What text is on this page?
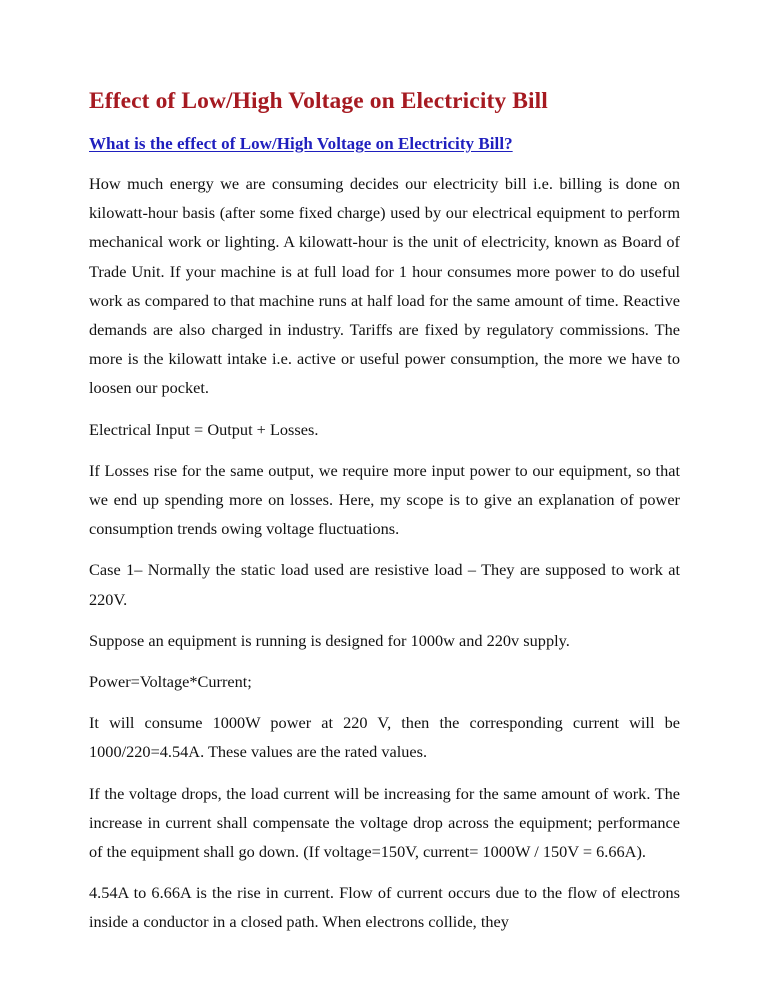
Effect of Low/High Voltage on Electricity Bill
What is the effect of Low/High Voltage on Electricity Bill?

How much energy we are consuming decides our electricity bill i.e. billing is done on kilowatt-hour basis (after some fixed charge) used by our electrical equipment to perform mechanical work or lighting. A kilowatt-hour is the unit of electricity, known as Board of Trade Unit. If your machine is at full load for 1 hour consumes more power to do useful work as compared to that machine runs at half load for the same amount of time. Reactive demands are also charged in industry. Tariffs are fixed by regulatory commissions. The more is the kilowatt intake i.e. active or useful power consumption, the more we have to loosen our pocket.

Electrical Input = Output + Losses.

If Losses rise for the same output, we require more input power to our equipment, so that we end up spending more on losses. Here, my scope is to give an explanation of power consumption trends owing voltage fluctuations.

Case 1– Normally the static load used are resistive load – They are supposed to work at 220V.

Suppose an equipment is running is designed for 1000w and 220v supply.

Power=Voltage*Current;

It will consume 1000W power at 220 V, then the corresponding current will be 1000/220=4.54A. These values are the rated values.

If the voltage drops, the load current will be increasing for the same amount of work. The increase in current shall compensate the voltage drop across the equipment; performance of the equipment shall go down. (If voltage=150V, current= 1000W / 150V = 6.66A).

4.54A to 6.66A is the rise in current. Flow of current occurs due to the flow of electrons inside a conductor in a closed path. When electrons collide, they
